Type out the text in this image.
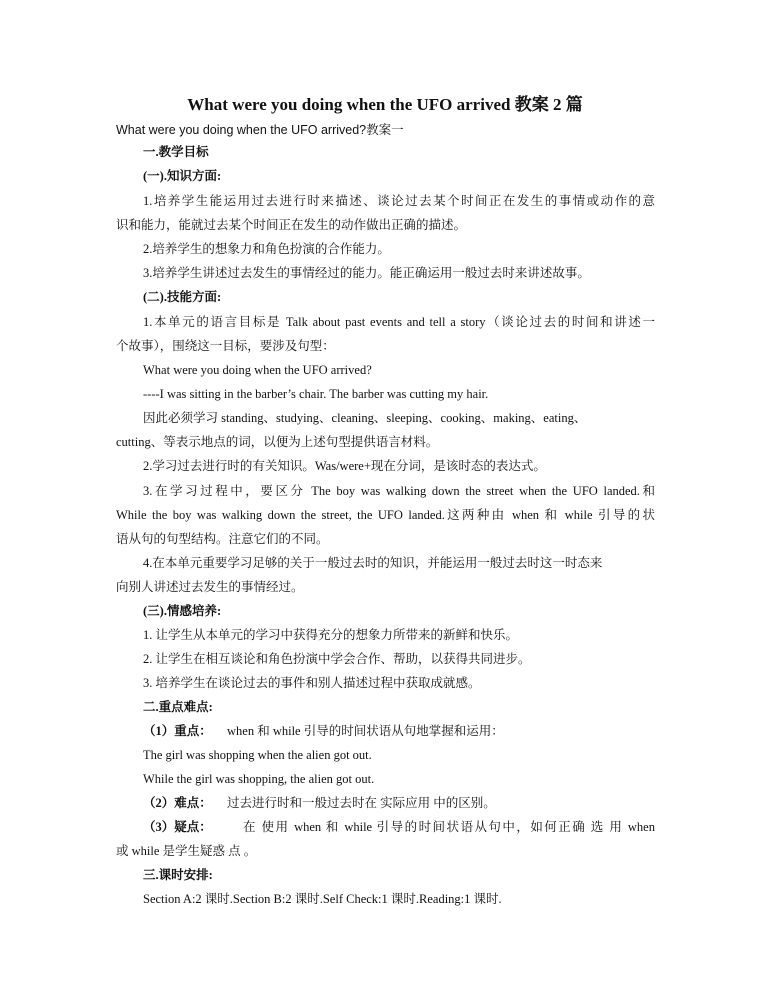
What were you doing when the UFO arrived 教案 2 篇
What were you doing when the UFO arrived?教案一
一.教学目标
(一).知识方面:
1.培养学生能运用过去进行时来描述、谈论过去某个时间正在发生的事情或动作的意
识和能力，能就过去某个时间正在发生的动作做出正确的描述。
2.培养学生的想象力和角色扮演的合作能力。
3.培养学生讲述过去发生的事情经过的能力。能正确运用一般过去时来讲述故事。
(二).技能方面:
1.本单元的语言目标是 Talk about past events and tell a story（谈论过去的时间和讲述一
个故事），围绕这一目标，要涉及句型：
What were you doing when the UFO arrived?
----I was sitting in the barber’s chair. The barber was cutting my hair.
因此必须学习 standing、studying、cleaning、sleeping、cooking、making、eating、
cutting、等表示地点的词，以便为上述句型提供语言材料。
2.学习过去进行时的有关知识。Was/were+现在分词，是该时态的表达式。
3.在学习过程中，要区分 The boy was walking down the street when the UFO landed.和
While the boy was walking down the street, the UFO landed.这两种由 when 和 while 引导的状
语从句的句型结构。注意它们的不同。
4.在本单元重要学习足够的关于一般过去时的知识，并能运用一般过去时这一时态来
向别人讲述过去发生的事情经过。
(三).情感培养:
1. 让学生从本单元的学习中获得充分的想象力所带来的新鲜和快乐。
2. 让学生在相互谈论和角色扮演中学会合作、帮助，以获得共同进步。
3. 培养学生在谈论过去的事件和别人描述过程中获取成就感。
二.重点难点:
（1）重点： when 和 while 引导的时间状语从句地掌握和运用：
The girl was shopping when the alien got out.
While the girl was shopping, the alien got out.
（2）难点： 过去进行时和一般过去时在 实际应用 中的区别。
（3）疑点： 在 使用 when 和 while 引导的时间状语从句中，如何正确 选 用 when
或 while 是学生疑惑 点 。
三.课时安排:
Section A:2 课时.Section B:2 课时.Self Check:1 课时.Reading:1 课时.
